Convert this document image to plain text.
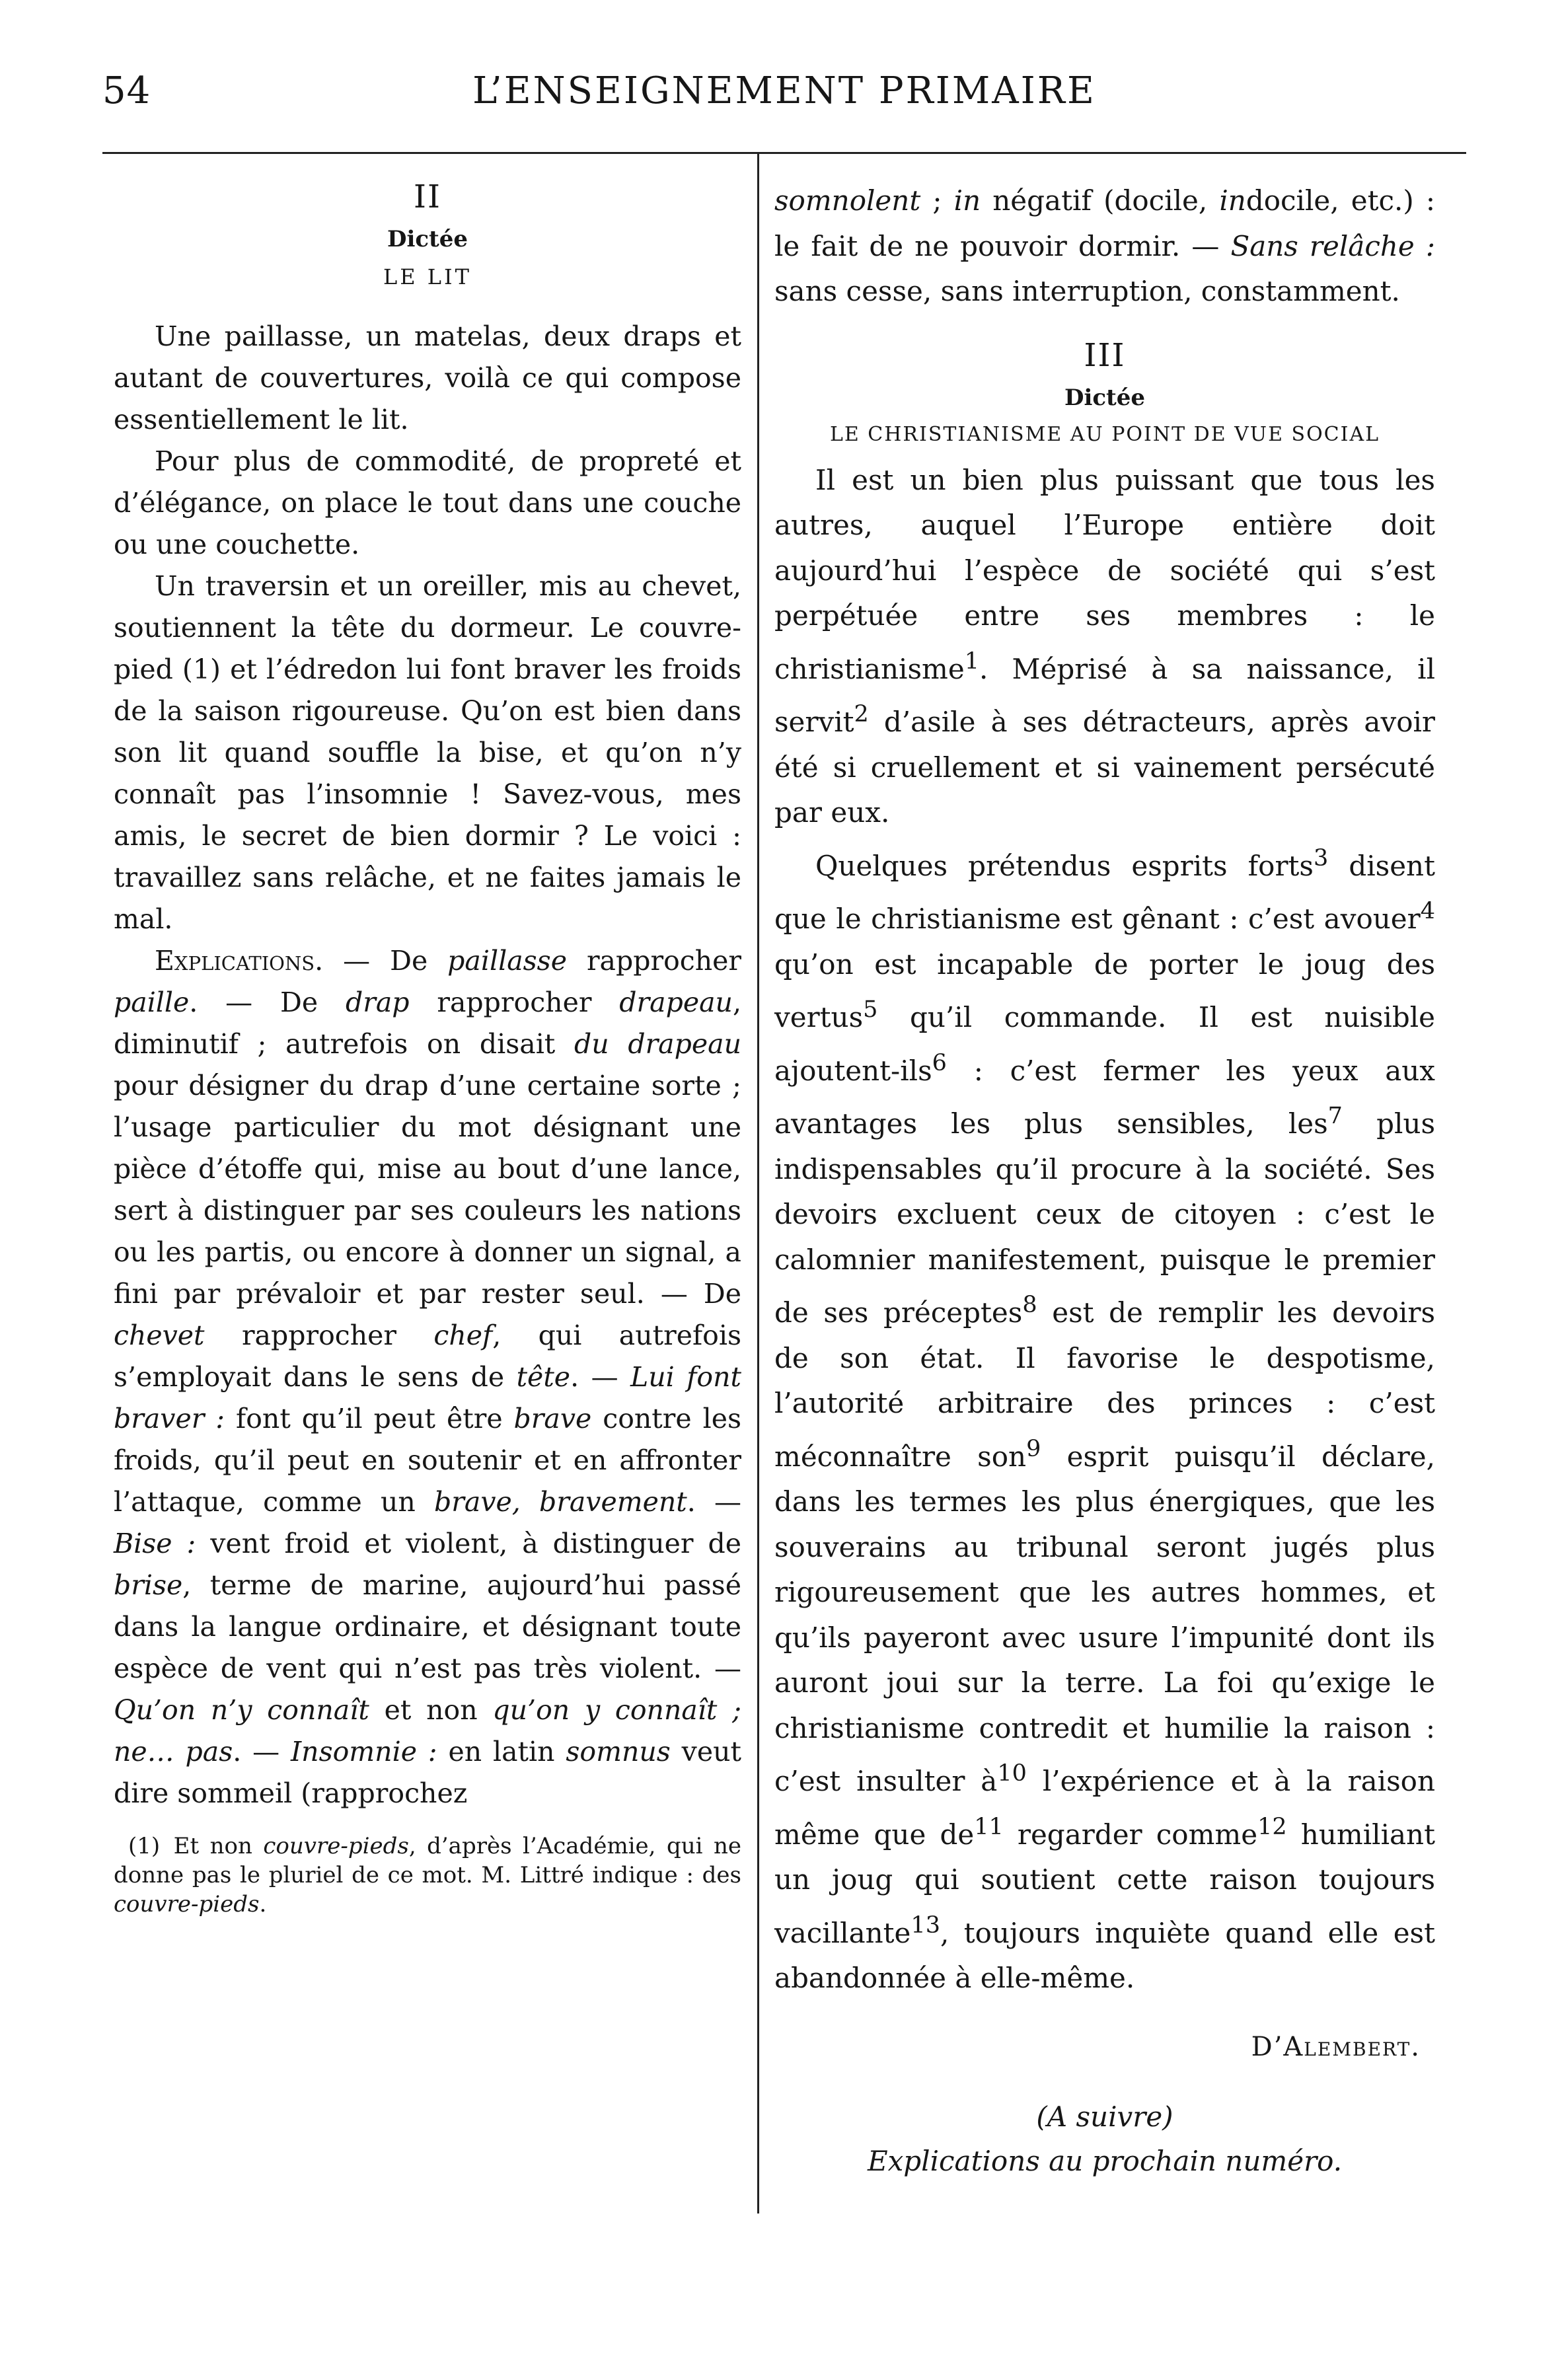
54	L’ENSEIGNEMENT PRIMAIRE
II
Dictée
LE LIT

Une paillasse, un matelas, deux draps et autant de couvertures, voilà ce qui compose essentiellement le lit.

Pour plus de commodité, de propreté et d’élégance, on place le tout dans une couche ou une couchette.

Un traversin et un oreiller, mis au chevet, soutiennent la tête du dormeur. Le couvre-pied (1) et l’édredon lui font braver les froids de la saison rigoureuse. Qu’on est bien dans son lit quand souffle la bise, et qu’on n’y connaît pas l’insomnie ! Savez-vous, mes amis, le secret de bien dormir ? Le voici : travaillez sans relâche, et ne faites jamais le mal.

Explications. — De paillasse rapprocher paille. — De drap rapprocher drapeau, diminutif ; autrefois on disait du drapeau pour désigner du drap d’une certaine sorte ; l’usage particulier du mot désignant une pièce d’étoffe qui, mise au bout d’une lance, sert à distinguer par ses couleurs les nations ou les partis, ou encore à donner un signal, a fini par prévaloir et par rester seul. — De chevet rapprocher chef, qui autrefois s’employait dans le sens de tête. — Lui font braver : font qu’il peut être brave contre les froids, qu’il peut en soutenir et en affronter l’attaque, comme un brave, bravement. — Bise : vent froid et violent, à distinguer de brise, terme de marine, aujourd’hui passé dans la langue ordinaire, et désignant toute espèce de vent qui n’est pas très violent. — Qu’on n’y connaît et non qu’on y connaît ; ne… pas. — Insomnie : en latin somnus veut dire sommeil (rapprochez

(1) Et non couvre-pieds, d’après l’Académie, qui ne donne pas le pluriel de ce mot. M. Littré indique : des couvre-pieds.

somnolent ; in négatif (docile, indocile, etc.) : le fait de ne pouvoir dormir. — Sans relâche : sans cesse, sans interruption, constamment.

III
Dictée
LE CHRISTIANISME AU POINT DE VUE SOCIAL

Il est un bien plus puissant que tous les autres, auquel l’Europe entière doit aujourd’hui l’espèce de société qui s’est perpétuée entre ses membres : le christianisme$^1$. Méprisé à sa naissance, il servit$^2$ d’asile à ses détracteurs, après avoir été si cruellement et si vainement persécuté par eux.

Quelques prétendus esprits forts$^3$ disent que le christianisme est gênant : c’est avouer$^4$ qu’on est incapable de porter le joug des vertus$^5$ qu’il commande. Il est nuisible ajoutent-ils$^6$ : c’est fermer les yeux aux avantages les plus sensibles, les$^7$ plus indispensables qu’il procure à la société. Ses devoirs excluent ceux de citoyen : c’est le calomnier manifestement, puisque le premier de ses préceptes$^8$ est de remplir les devoirs de son état. Il favorise le despotisme, l’autorité arbitraire des princes : c’est méconnaître son$^9$ esprit puisqu’il déclare, dans les termes les plus énergiques, que les souverains au tribunal seront jugés plus rigoureusement que les autres hommes, et qu’ils payeront avec usure l’impunité dont ils auront joui sur la terre. La foi qu’exige le christianisme contredit et humilie la raison : c’est insulter $à^{10}$ l’expérience et à la raison même que $de^{11}$ regarder comme$^{12}$ humiliant un joug qui soutient cette raison toujours vacillante$^{13}$, toujours inquiète quand elle est abandonnée à elle-même.

D’Alembert.
(A suivre)
Explications au prochain numéro.
